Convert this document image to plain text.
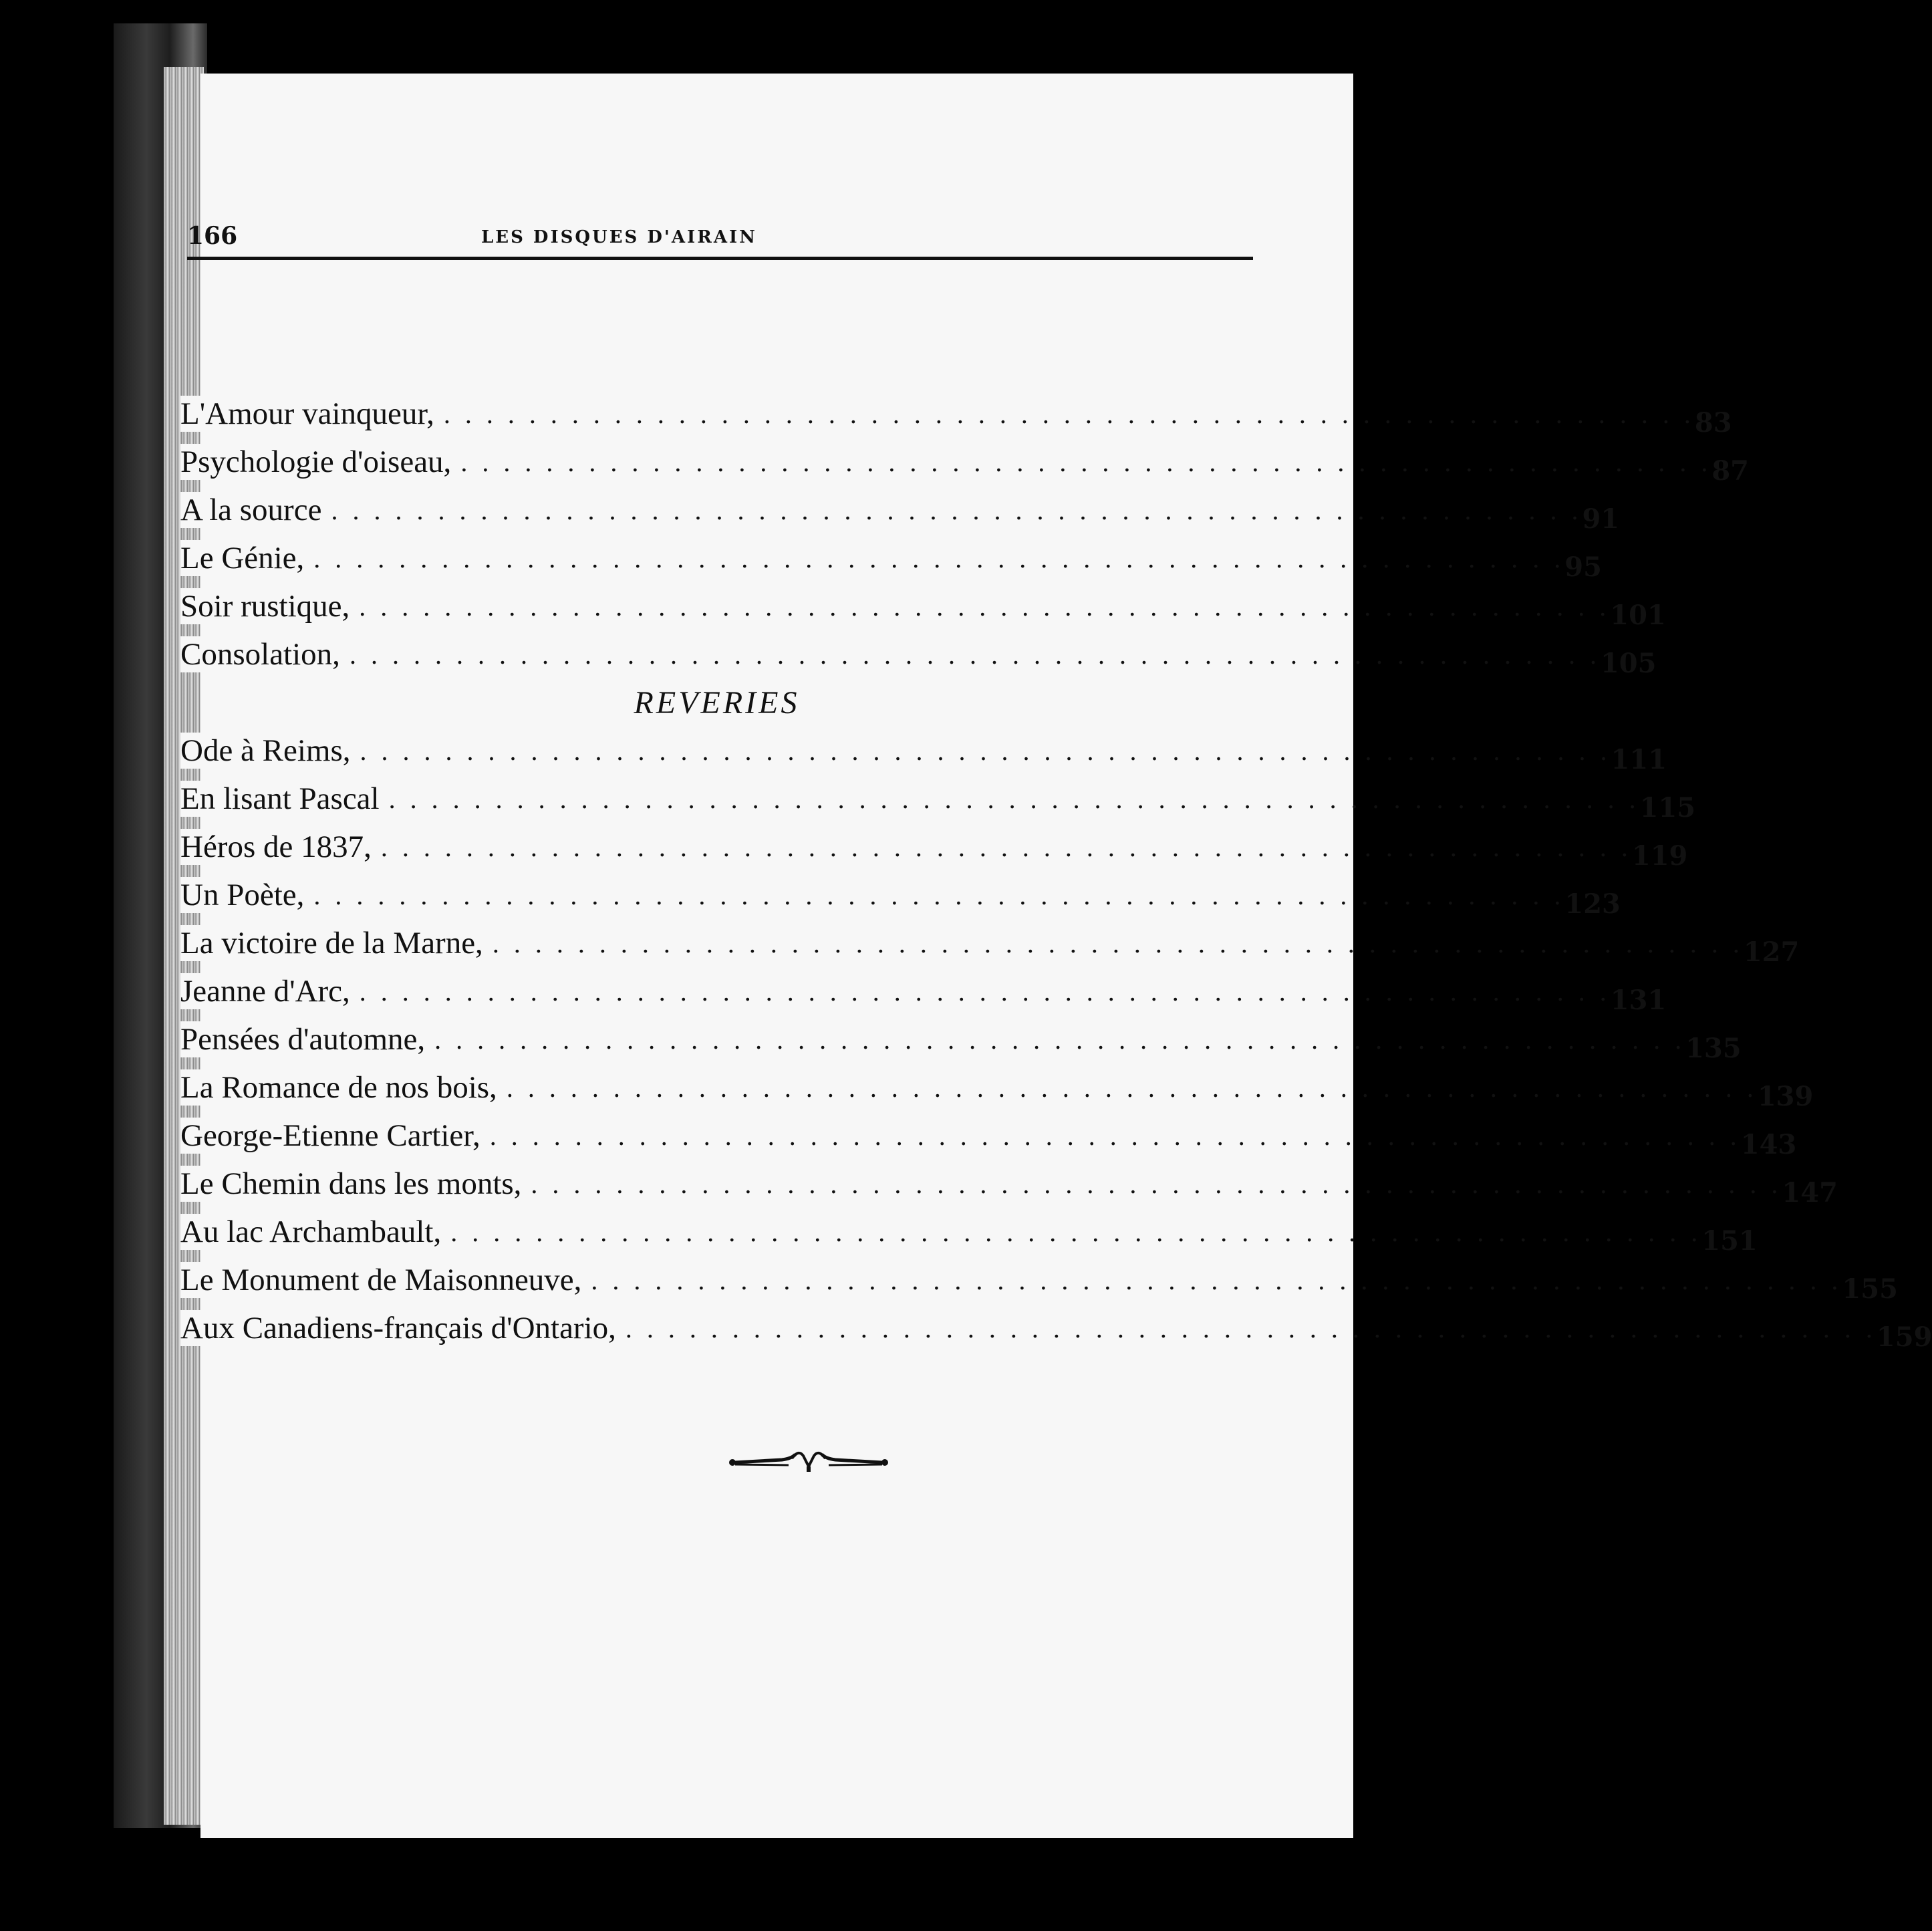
166	LES DISQUES D'AIRAIN
L'Amour vainqueur, . . . . . . . . . . . . . . . . . . . . . . . . . . . . . . . . . . . . . . . . . . . . . . . . . . . . . . . . . . . 83
Psychologie d'oiseau, . . . . . . . . . . . . . . . . . . . . . . . . . . . . . . . . . . . . . . . . . . . . . . . . . . . . . . . . . . . 87
A la source . . . . . . . . . . . . . . . . . . . . . . . . . . . . . . . . . . . . . . . . . . . . . . . . . . . . . . . . . . . 91
Le Génie, . . . . . . . . . . . . . . . . . . . . . . . . . . . . . . . . . . . . . . . . . . . . . . . . . . . . . . . . . . . 95
Soir rustique, . . . . . . . . . . . . . . . . . . . . . . . . . . . . . . . . . . . . . . . . . . . . . . . . . . . . . . . . . . . 101
Consolation, . . . . . . . . . . . . . . . . . . . . . . . . . . . . . . . . . . . . . . . . . . . . . . . . . . . . . . . . . . . 105
REVERIES
Ode à Reims, . . . . . . . . . . . . . . . . . . . . . . . . . . . . . . . . . . . . . . . . . . . . . . . . . . . . . . . . . . . 111
En lisant Pascal . . . . . . . . . . . . . . . . . . . . . . . . . . . . . . . . . . . . . . . . . . . . . . . . . . . . . . . . . . . 115
Héros de 1837, . . . . . . . . . . . . . . . . . . . . . . . . . . . . . . . . . . . . . . . . . . . . . . . . . . . . . . . . . . . 119
Un Poète, . . . . . . . . . . . . . . . . . . . . . . . . . . . . . . . . . . . . . . . . . . . . . . . . . . . . . . . . . . . 123
La victoire de la Marne, . . . . . . . . . . . . . . . . . . . . . . . . . . . . . . . . . . . . . . . . . . . . . . . . . . . . . . . . . . . 127
Jeanne d'Arc, . . . . . . . . . . . . . . . . . . . . . . . . . . . . . . . . . . . . . . . . . . . . . . . . . . . . . . . . . . . 131
Pensées d'automne, . . . . . . . . . . . . . . . . . . . . . . . . . . . . . . . . . . . . . . . . . . . . . . . . . . . . . . . . . . . 135
La Romance de nos bois, . . . . . . . . . . . . . . . . . . . . . . . . . . . . . . . . . . . . . . . . . . . . . . . . . . . . . . . . . . . 139
George-Etienne Cartier, . . . . . . . . . . . . . . . . . . . . . . . . . . . . . . . . . . . . . . . . . . . . . . . . . . . . . . . . . . . 143
Le Chemin dans les monts, . . . . . . . . . . . . . . . . . . . . . . . . . . . . . . . . . . . . . . . . . . . . . . . . . . . . . . . . . . . 147
Au lac Archambault, . . . . . . . . . . . . . . . . . . . . . . . . . . . . . . . . . . . . . . . . . . . . . . . . . . . . . . . . . . . 151
Le Monument de Maisonneuve, . . . . . . . . . . . . . . . . . . . . . . . . . . . . . . . . . . . . . . . . . . . . . . . . . . . . . . . . . . . 155
Aux Canadiens-français d'Ontario, . . . . . . . . . . . . . . . . . . . . . . . . . . . . . . . . . . . . . . . . . . . . . . . . . . . . . . . . . . . 159
